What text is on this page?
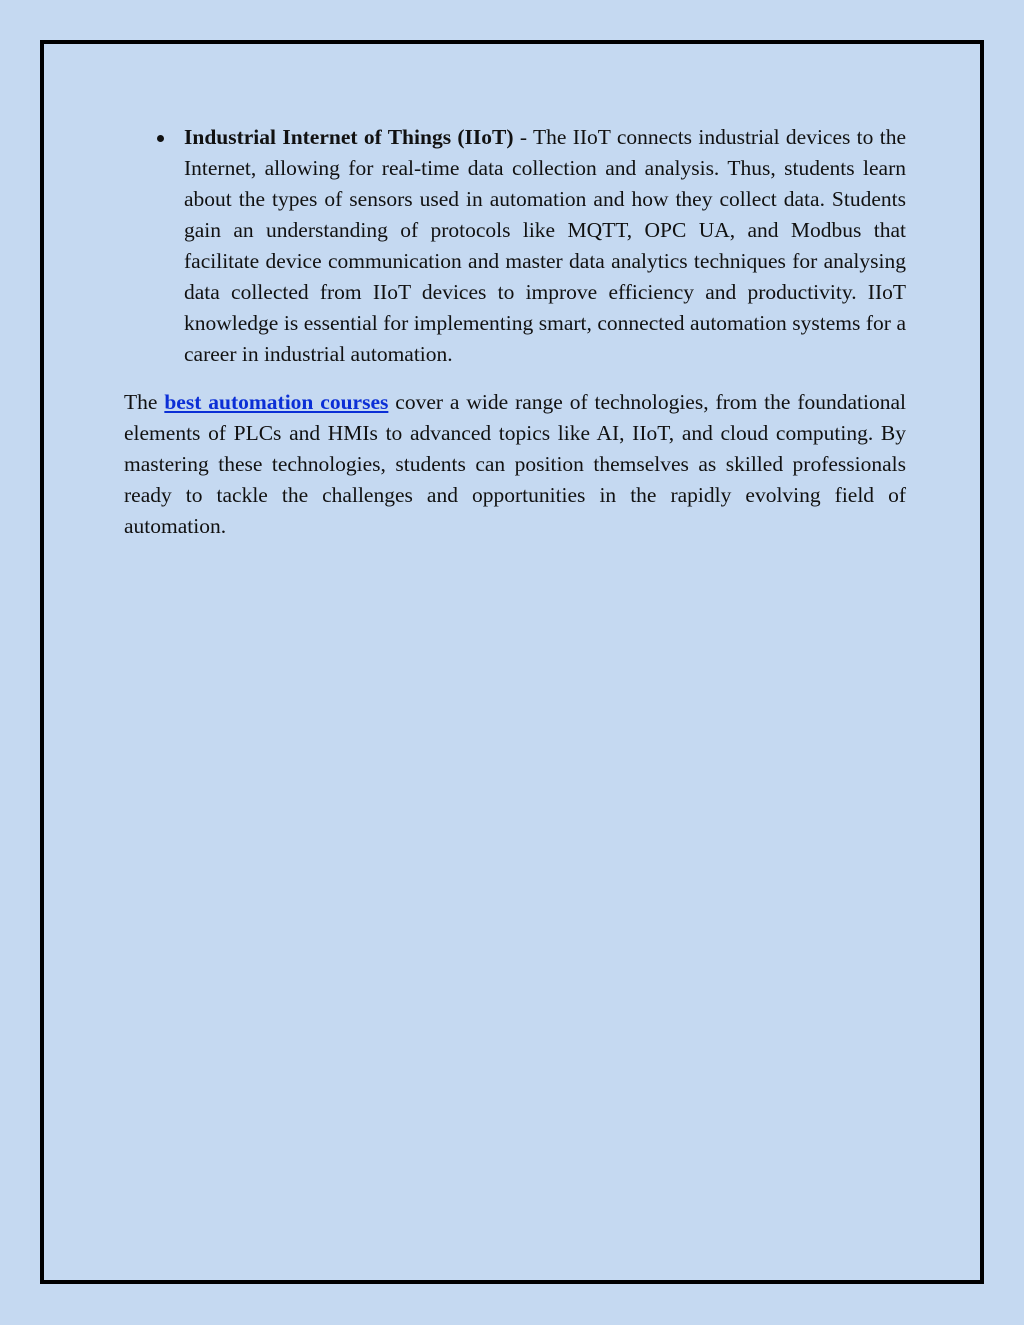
Industrial Internet of Things (IIoT) - The IIoT connects industrial devices to the Internet, allowing for real-time data collection and analysis. Thus, students learn about the types of sensors used in automation and how they collect data. Students gain an understanding of protocols like MQTT, OPC UA, and Modbus that facilitate device communication and master data analytics techniques for analysing data collected from IIoT devices to improve efficiency and productivity. IIoT knowledge is essential for implementing smart, connected automation systems for a career in industrial automation.

The best automation courses cover a wide range of technologies, from the foundational elements of PLCs and HMIs to advanced topics like AI, IIoT, and cloud computing. By mastering these technologies, students can position themselves as skilled professionals ready to tackle the challenges and opportunities in the rapidly evolving field of automation.
